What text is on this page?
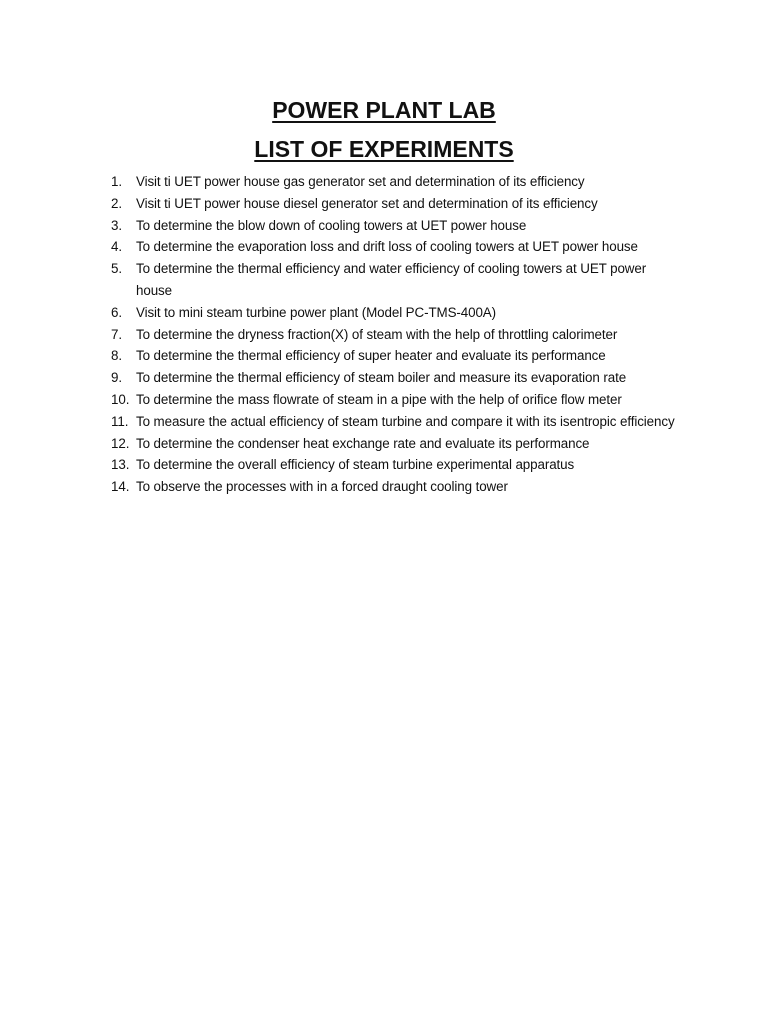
POWER PLANT LAB
LIST OF EXPERIMENTS
1. Visit ti UET power house gas generator set and determination of its efficiency
2. Visit ti UET power house diesel generator set and determination of its efficiency
3. To determine the blow down of cooling towers at UET power house
4. To determine the evaporation loss and drift loss of cooling towers at UET power house
5. To determine the thermal efficiency and water efficiency of cooling towers at UET power house
6. Visit to mini steam turbine power plant (Model PC-TMS-400A)
7. To determine the dryness fraction(X) of steam with the help of throttling calorimeter
8. To determine the thermal efficiency of super heater and evaluate its performance
9. To determine the thermal efficiency of steam boiler and measure its evaporation rate
10. To determine the mass flowrate of steam in a pipe with the help of orifice flow meter
11. To measure the actual efficiency of steam turbine and compare it with its isentropic efficiency
12. To determine the condenser heat exchange rate and evaluate its performance
13. To determine the overall efficiency of steam turbine experimental apparatus
14. To observe the processes with in a forced draught cooling tower
